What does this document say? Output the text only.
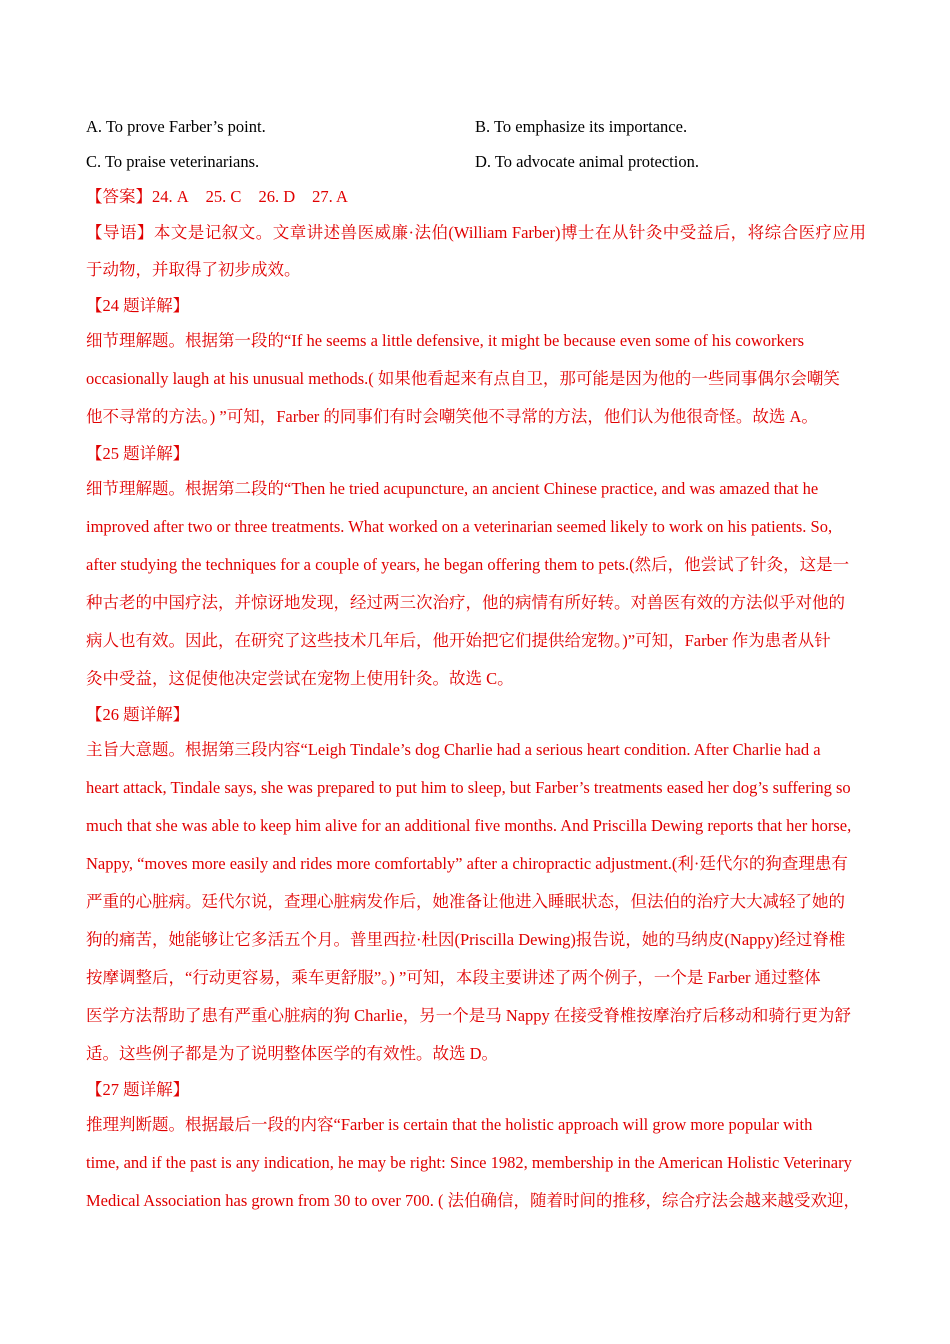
A. To prove Farber’s point.	B. To emphasize its importance.
C. To praise veterinarians.	D. To advocate animal protection.
【答案】24. A 25. C 26. D 27. A
【导语】本文是记叙文。文章讲述兽医威廉·法伯(William Farber)博士在从针灸中受益后，将综合医疗应用
于动物，并取得了初步成效。
【24 题详解】
细节理解题。根据第一段的“If he seems a little defensive, it might be because even some of his coworkers
occasionally laugh at his unusual methods.( 如果他看起来有点自卫，那可能是因为他的一些同事偶尔会嘲笑
他不寻常的方法。) ”可知，Farber 的同事们有时会嘲笑他不寻常的方法，他们认为他很奇怪。故选 A。
【25 题详解】
细节理解题。根据第二段的“Then he tried acupuncture, an ancient Chinese practice, and was amazed that he
improved after two or three treatments. What worked on a veterinarian seemed likely to work on his patients. So,
after studying the techniques for a couple of years, he began offering them to pets.(然后，他尝试了针灸，这是一
种古老的中国疗法，并惊讶地发现，经过两三次治疗，他的病情有所好转。对兽医有效的方法似乎对他的
病人也有效。因此，在研究了这些技术几年后，他开始把它们提供给宠物。)”可知，Farber 作为患者从针
灸中受益，这促使他决定尝试在宠物上使用针灸。故选 C。
【26 题详解】
主旨大意题。根据第三段内容“Leigh Tindale’s dog Charlie had a serious heart condition. After Charlie had a
heart attack, Tindale says, she was prepared to put him to sleep, but Farber’s treatments eased her dog’s suffering so
much that she was able to keep him alive for an additional five months. And Priscilla Dewing reports that her horse,
Nappy, “moves more easily and rides more comfortably” after a chiropractic adjustment.(利·廷代尔的狗查理患有
严重的心脏病。廷代尔说，查理心脏病发作后，她准备让他进入睡眠状态，但法伯的治疗大大减轻了她的
狗的痛苦，她能够让它多活五个月。普里西拉·杜因(Priscilla Dewing)报告说，她的马纳皮(Nappy)经过脊椎
按摩调整后，“行动更容易，乘车更舒服”。) ”可知，本段主要讲述了两个例子，一个是 Farber 通过整体
医学方法帮助了患有严重心脏病的狗 Charlie，另一个是马 Nappy 在接受脊椎按摩治疗后移动和骑行更为舒
适。这些例子都是为了说明整体医学的有效性。故选 D。
【27 题详解】
推理判断题。根据最后一段的内容“Farber is certain that the holistic approach will grow more popular with
time, and if the past is any indication, he may be right: Since 1982, membership in the American Holistic Veterinary
Medical Association has grown from 30 to over 700. ( 法伯确信，随着时间的推移，综合疗法会越来越受欢迎，
